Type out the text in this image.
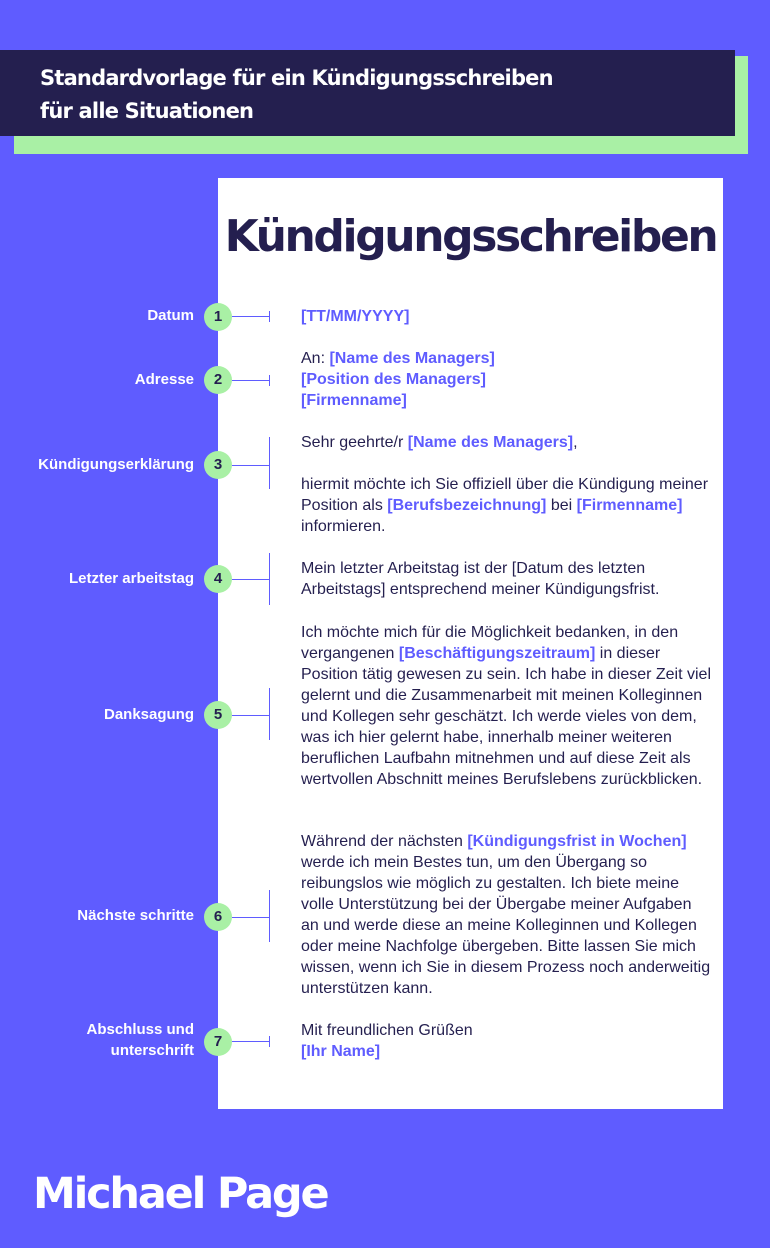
Standardvorlage für ein Kündigungsschreiben
für alle Situationen
Kündigungsschreiben
Datum	1	[TT/MM/YYYY]
Adresse	2
An: [Name des Managers]
[Position des Managers]
[Firmenname]
Kündigungserklärung	3
Sehr geehrte/r [Name des Managers],
hiermit möchte ich Sie offiziell über die Kündigung meiner Position als [Berufsbezeichnung] bei [Firmenname] informieren.
Letzter arbeitstag	4
Mein letzter Arbeitstag ist der [Datum des letzten Arbeitstags] entsprechend meiner Kündigungsfrist.
Danksagung	5
Ich möchte mich für die Möglichkeit bedanken, in den vergangenen [Beschäftigungszeitraum] in dieser Position tätig gewesen zu sein. Ich habe in dieser Zeit viel gelernt und die Zusammenarbeit mit meinen Kolleginnen und Kollegen sehr geschätzt. Ich werde vieles von dem, was ich hier gelernt habe, innerhalb meiner weiteren beruflichen Laufbahn mitnehmen und auf diese Zeit als wertvollen Abschnitt meines Berufslebens zurückblicken.
Nächste schritte	6
Während der nächsten [Kündigungsfrist in Wochen] werde ich mein Bestes tun, um den Übergang so reibungslos wie möglich zu gestalten. Ich biete meine volle Unterstützung bei der Übergabe meiner Aufgaben an und werde diese an meine Kolleginnen und Kollegen oder meine Nachfolge übergeben. Bitte lassen Sie mich wissen, wenn ich Sie in diesem Prozess noch anderweitig unterstützen kann.
Abschluss und
unterschrift
7
Mit freundlichen Grüßen
[Ihr Name]
Michael Page
